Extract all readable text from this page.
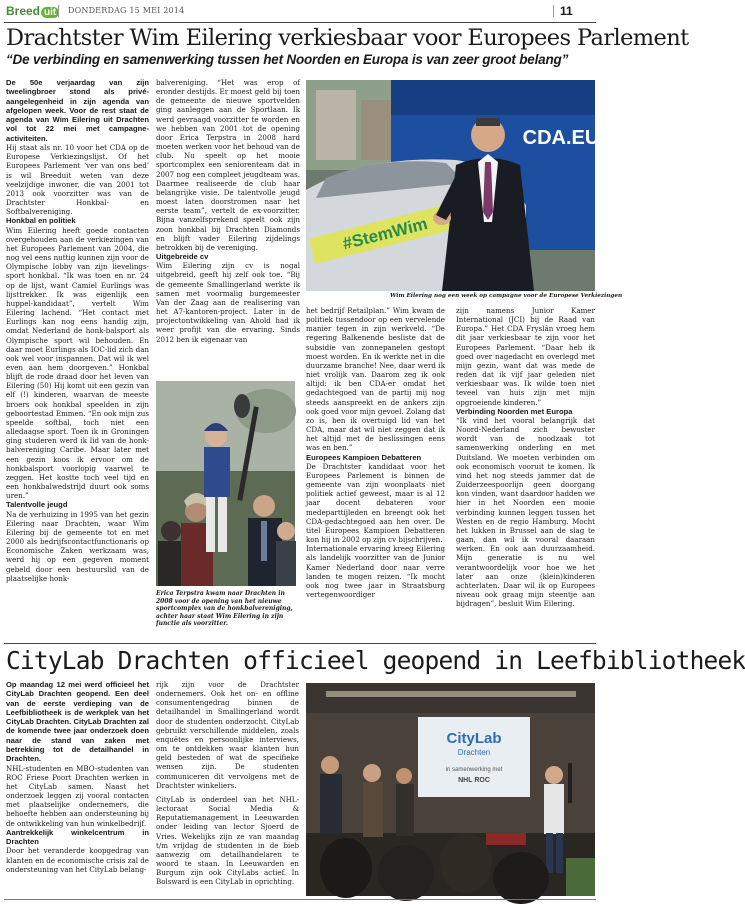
Breed uit	DONDERDAG 15 MEI 2014	11
Drachtster Wim Eilering verkiesbaar voor Europees Parlement
“De verbinding en samenwerking tussen het Noorden en Europa is van zeer groot belang”

De 50e verjaardag van zijn tweelingbroer stond als privé-aangelegenheid in zijn agenda van afgelopen week. Voor de rest staat de agenda van Wim Eilering uit Drachten vol tot 22 mei met campagne-activiteiten.

Hij staat als nr. 10 voor het CDA op de Europese Verkiezingslijst. Of het Europees Parlement ‘ver van ons bed’ is wil Breeduit weten van deze veelzijdige inwoner, die van 2001 tot 2013 ook voorzitter was van de Drachtster Honkbal- en Softbalvereniging.

Honkbal en politiek

Wim Eilering heeft goede contacten overgehouden aan de verkiezingen van het Europees Parlement van 2004, die nog vel eens nuttig kunnen zijn voor de Olympische lobby van zijn lievelings-sport honkbal. “Ik was toen en nr. 24 op de lijst, want Camiel Eurlings was lijsttrekker. Ik was eigenlijk een huppel-kandidaat”, vertelt Wim Eilering lachend. “Het contact met Eurlings kan nog eens handig zijn, omdat Nederland de honk-balsport als Olympische sport wil behouden. En daar moet Eurlings als IOC-lid zich dan ook wel voor inspannen. Dat wil ik wel even aan hem doorgeven.” Honkbal blijft de rode draad door het leven van Eilering (50) Hij komt uit een gezin van elf (!) kinderen, waarvan de meeste broers ook honkbal speelden in zijn geboortestad Emmen. “En ook mijn zus speelde softbal, toch niet een alledaagse sport. Toen ik in Groningen ging studeren werd ik lid van de honk-balvereniging Caribe. Maar later met een gezin koos ik ervoor om de honkbalsport voorlopig vaarwel te zeggen. Het kostte toch veel tijd en een honkbalwedstrijd duurt ook soms uren.”

Talentvolle jeugd

Na de verhuizing in 1995 van het gezin Eilering naar Drachten, waar Wim Eilering bij de gemeente tot en met 2000 als bedrijfscontactfunctionaris op Economische Zaken werkzaam was, werd hij op een gegeven moment gebeld door een bestuurslid van de plaatselijke honk-

balvereniging. “Het was erop of eronder destijds. Er moest geld bij toen de gemeente de nieuwe sportvelden ging aanleggen aan de Sportlaan. Ik werd gevraagd voorzitter te worden en we hebben van 2001 tot de opening door Erica Terpstra in 2008 hard moeten werken voor het behoud van de club. Nu speelt op het mooie sportcomplex een seniorenteam dat in 2007 nog een compleet jeugdteam was. Daarmee realiseerde de club haar belangrijke visie. De talentvolle jeugd moest laten doorstromen naar het eerste team”, vertelt de ex-voorzitter. Bijna vanzelfsprekend speelt ook zijn zoon honkbal bij Drachten Diamonds en blijft vader Eilering zijdelings betrokken bij de vereniging.

Uitgebreide cv

Wim Eilering zijn cv is nogal uitgebreid, geeft hij zelf ook toe. “Bij de gemeente Smallingerland werkte ik samen met voormalig burgemeester Van der Zaag aan de realisering van het A7-kantoren-project. Later in de projectontwikkeling van Ahold had ik weer profijt van die ervaring. Sinds 2012 ben ik eigenaar van

Erica Terpstra kwam naar Drachten in 2008 voor de opening van het nieuwe sportcomplex van de honkbalvereniging, achter haar staat Wim Eilering in zijn functie als voorzitter.
CDA.EU
#StemWim
Wim Eilering nog een week op campagne voor de Europese Verkiezingen

het bedrijf Retailplan.” Wim kwam de politiek tussendoor op een vervelende manier tegen in zijn werkveld. “De regering Balkenende besliste dat de subsidie van zonnepanelen gestopt moest worden. En ik werkte net in die duurzame branche! Nee, daar werd ik niet vrolijk van. Daarom zeg ik ook altijd: ik ben CDA-er omdat het gedachtegoed van de partij mij nog steeds aanspreekt en de ankers zijn ook goed voor mijn gevoel. Zolang dat zo is, ben ik overtuigd lid van het CDA, maar dat wil niet zeggen dat ik het altijd met de beslissingen eens was en ben.”

Europees Kampioen Debatteren

De Drachtster kandidaat voor het Europees Parlement is binnen de gemeente van zijn woonplaats niet politiek actief geweest, maar is al 12 jaar docent debateren voor medeparttijleden en breengt ook het CDA-gedachtegoed aan hen over. De titel Europees Kampioen Debatteren kon hij in 2002 op zijn cv bijschrijven.

Internationale ervaring kreeg Eilering als landelijk voorzitter van de Junior Kamer Nederland door naar verre landen te mogen reizen. “Ik mocht ook nog twee jaar in Straatsburg vertegenwoordiger

zijn namens Junior Kamer International (JCI) bij de Raad van Europa.” Het CDA Fryslân vroeg hem dit jaar verkiesbaar te zijn voor het Europees Parlement. “Daar heb ik goed over nagedacht en overlegd met mijn gezin, want dat was mede de reden dat ik vijf jaar geleden niet verkiesbaar was. Ik wilde toen niet teveel van huis zijn met mijn opgroeiende kinderen.”

Verbinding Noorden met Europa

“Ik vind het vooral belangrijk dat Noord-Nederland zich bewuster wordt van de noodzaak tot samenwerking onderling en met Duitsland. We moeten verbinden om ook economisch vooruit te komen. Ik vind het nog steeds jammer dat de Zuiderzeespoorlijn geen doorgang kon vinden, want daardoor hadden we hier in het Noorden een mooie verbinding kunnen leggen tussen het Westen en de regio Hamburg. Mocht het lukken in Brussel aan de slag te gaan, dan wil ik vooral daaraan werken. En ook aan duurzaamheid. Mijn generatie is nu wel verantwoordelijk voor hoe we het later aan onze (klein)kinderen achterlaten. Daar wil ik op Europees niveau ook graag mijn steentje aan bijdragen”, besluit Wim Eilering.

CityLab Drachten officieel geopend in Leefbibliotheek

Op maandag 12 mei werd officieel het CityLab Drachten geopend. Een deel van de eerste verdieping van de Leefbibliotheek is de werkplek van het CityLab Drachten. CityLab Drachten zal de komende twee jaar onderzoek doen naar de stand van zaken met betrekking tot de detailhandel in Drachten.

NHL-studenten en MBO-studenten van ROC Friese Poort Drachten werken in het CityLab samen. Naast het onderzoek leggen zij vooral contacten met plaatselijke ondernemers, die behoefte hebben aan ondersteuning bij de ontwikkeling van hun winkelbedrijf.

Aantrekkelijk winkelcentrum in Drachten

Door het veranderde koopgedrag van klanten en de economische crisis zal de ondersteuning van het CityLab belang-

rijk zijn voor de Drachtster ondernemers. Ook het on- en offline consumentengedrag binnen de detailhandel in Smallingerland wordt door de studenten onderzocht. CityLab gebruikt verschillende middelen, zoals enquêtes en persoonlijke interviews, om te ontdekken waar klanten hun geld besteden of wat de specifieke wensen zijn. De studenten communiceren dit vervolgens met de Drachtster winkeliers.

CityLab is onderdeel van het NHL-lectoraat Social Media & Reputatiemanagement in Leeuwarden onder leiding van lector Sjoerd de Vries. Wekelijks zijn ze van maandag t/m vrijdag de studenten in de bieb aanwezig om detailhandelaren te woord te staan. In Leeuwarden en Burgum zijn ook CityLabs actief. In Bolsward is een CityLab in oprichting.

CityLab
Drachten
in samenwerking met
NHL ROC
